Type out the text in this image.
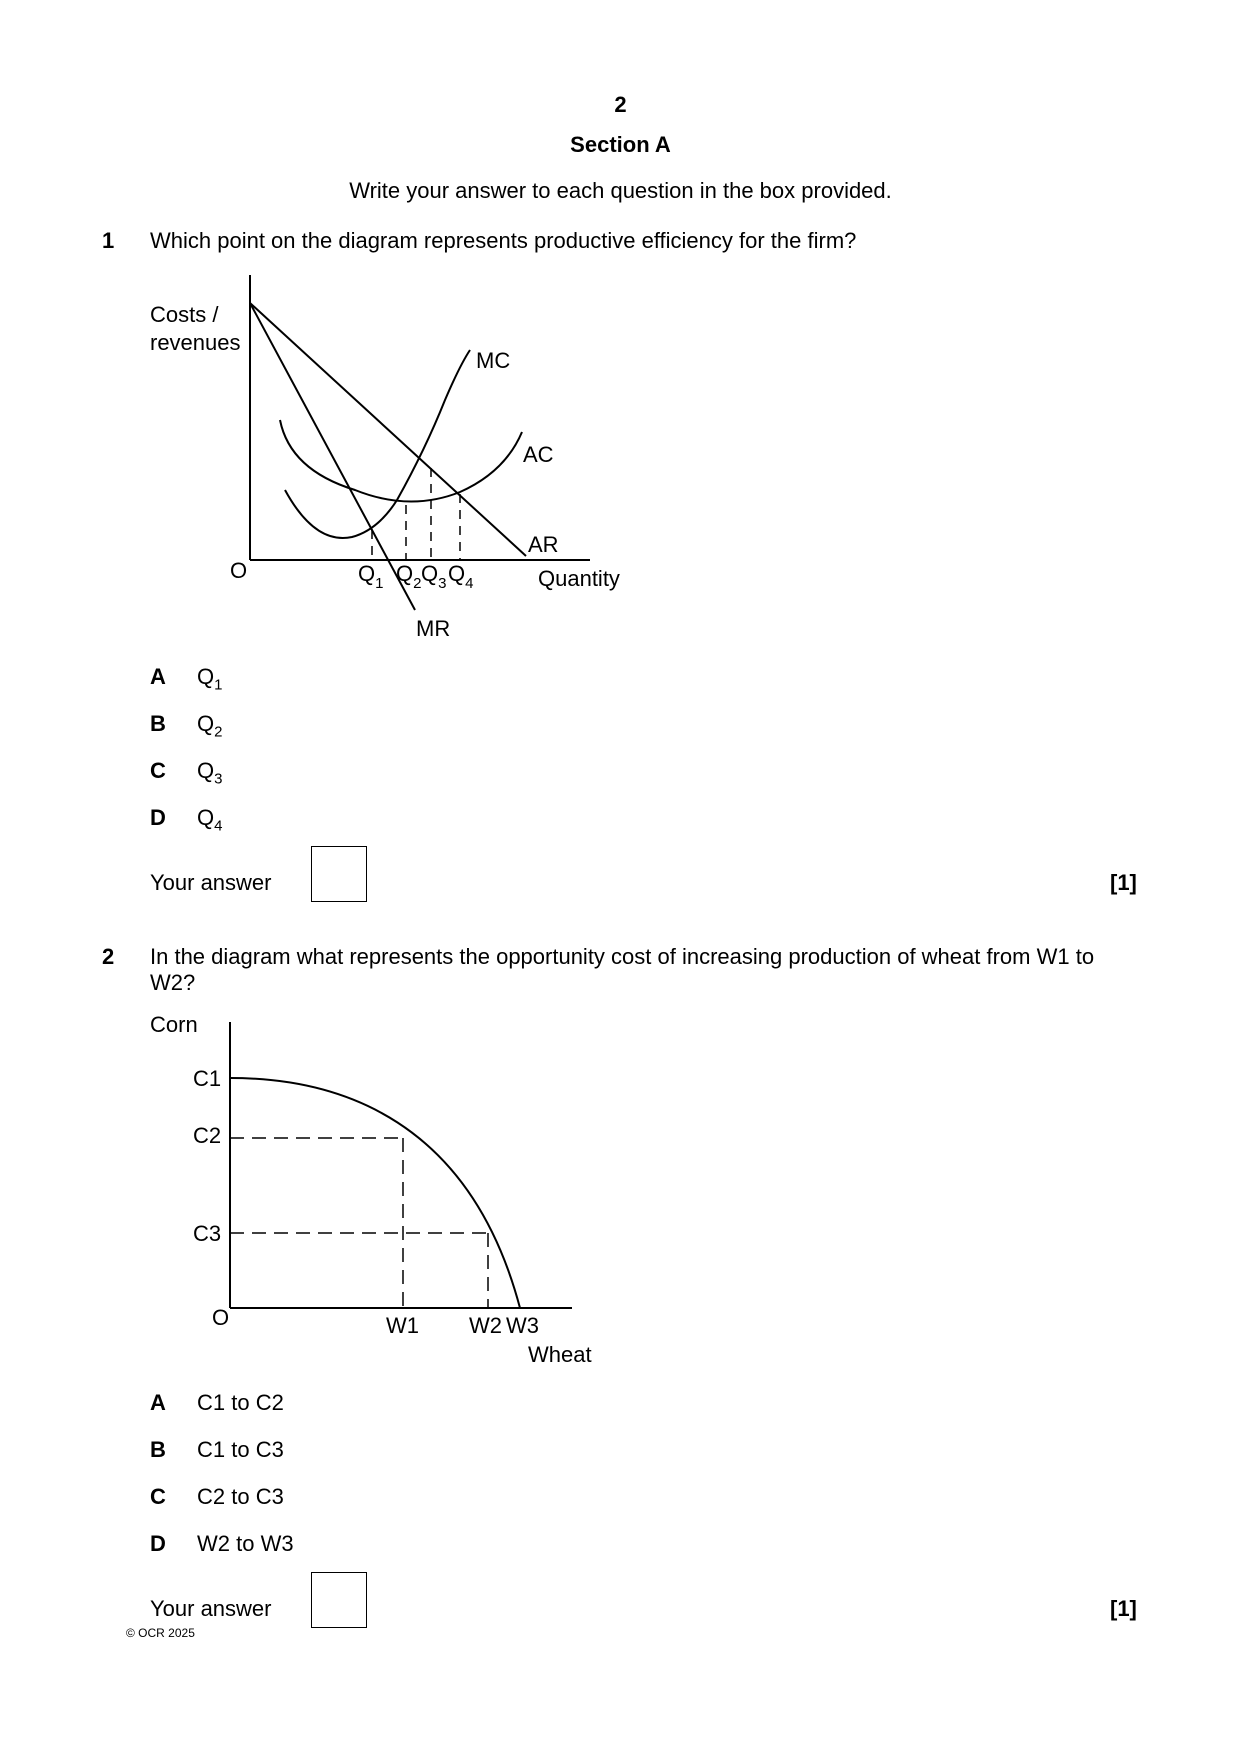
2
Section A
Write your answer to each question in the box provided.
1 Which point on the diagram represents productive efficiency for the firm?
Costs /
revenues
MC
AC
AR
O	Quantity
MR
$Q_1$ $Q_2$ $Q_3$ $Q_4$
A $Q_1$
B $Q_2$
C $Q_3$
D $Q_4$
Your answer	[1]
2 In the diagram what represents the opportunity cost of increasing production of wheat from W1 to W2?
Corn
C1
C2
C3
O	W1 W2 W3
Wheat
A C1 to C2
B C1 to C3
C C2 to C3
D W2 to W3
Your answer	[1]
© OCR 2025
